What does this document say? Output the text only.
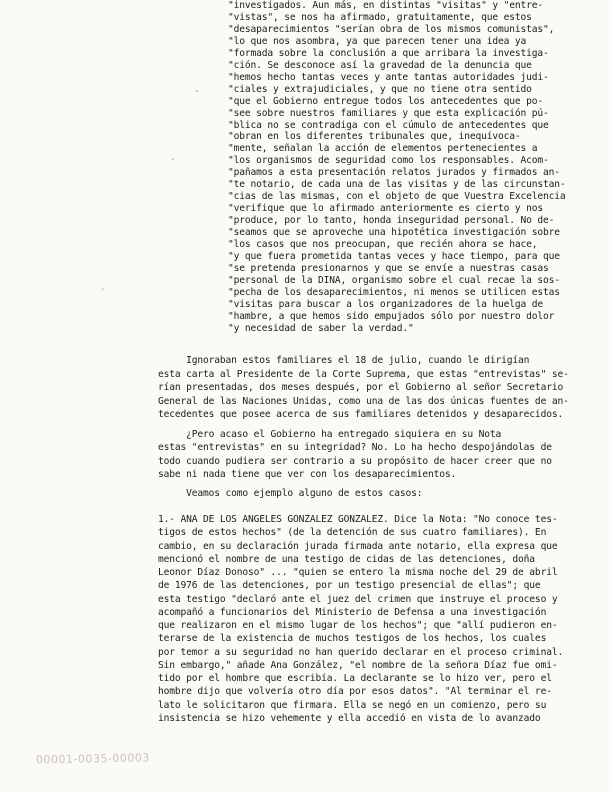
"investigados. Aun más, en distintas "visitas" y "entre-
"vistas", se nos ha afirmado, gratuitamente, que estos
"desaparecimientos "serían obra de los mismos comunistas",
"lo que nos asombra, ya que parecen tener una idea ya
"formada sobre la conclusión a que arribara la investiga-
"ción. Se desconoce así la gravedad de la denuncia que
"hemos hecho tantas veces y ante tantas autoridades judi-
"ciales y extrajudiciales, y que no tiene otra sentido
"que el Gobierno entregue todos los antecedentes que po-
"see sobre nuestros familiares y que esta explicación pú-
"blica no se contradiga con el cúmulo de antecedentes que
"obran en los diferentes tribunales que, inequívoca-
"mente, señalan la acción de elementos pertenecientes a
"los organismos de seguridad como los responsables. Acom-
"pañamos a esta presentación relatos jurados y firmados an-
"te notario, de cada una de las visitas y de las circunstan-
"cias de las mismas, con el objeto de que Vuestra Excelencia
"verifique que lo afirmado anteriormente es cierto y nos
"produce, por lo tanto, honda inseguridad personal. No de-
"seamos que se aproveche una hipotética investigación sobre
"los casos que nos preocupan, que recién ahora se hace,
"y que fuera prometida tantas veces y hace tiempo, para que
"se pretenda presionarnos y que se envíe a nuestras casas
"personal de la DINA, organismo sobre el cual recae la sos-
"pecha de los desaparecimientos, ni menos se utilicen estas
"visitas para buscar a los organizadores de la huelga de
"hambre, a que hemos sido empujados sólo por nuestro dolor
"y necesidad de saber la verdad."
Ignoraban estos familiares el 18 de julio, cuando le dirigían
esta carta al Presidente de la Corte Suprema, que estas "entrevistas" se-
rían presentadas, dos meses después, por el Gobierno al señor Secretario
General de las Naciones Unidas, como una de las dos únicas fuentes de an-
tecedentes que posee acerca de sus familiares detenidos y desaparecidos.
¿Pero acaso el Gobierno ha entregado siquiera en su Nota
estas "entrevistas" en su integridad? No. Lo ha hecho despojándolas de
todo cuando pudiera ser contrario a su propósito de hacer creer que no
sabe ni nada tiene que ver con los desaparecimientos.
Veamos como ejemplo alguno de estos casos:
1.- ANA DE LOS ANGELES GONZALEZ GONZALEZ. Dice la Nota: "No conoce tes-
tigos de estos hechos" (de la detención de sus cuatro familiares). En
cambio, en su declaración jurada firmada ante notario, ella expresa que
mencionó el nombre de una testigo de cidas de las detenciones, doña
Leonor Díaz Donoso" ... "quien se entero la misma noche del 29 de abril
de 1976 de las detenciones, por un testigo presencial de ellas"; que
esta testigo "declaró ante el juez del crimen que instruye el proceso y
acompañó a funcionarios del Ministerio de Defensa a una investigación
que realizaron en el mismo lugar de los hechos"; que "allí pudieron en-
terarse de la existencia de muchos testigos de los hechos, los cuales
por temor a su seguridad no han querido declarar en el proceso criminal.
Sin embargo," añade Ana González, "el nombre de la señora Díaz fue omi-
tido por el hombre que escribía. La declarante se lo hizo ver, pero el
hombre dijo que volvería otro día por esos datos". "Al terminar el re-
lato le solicitaron que firmara. Ella se negó en un comienzo, pero su
insistencia se hizo vehemente y ella accedió en vista de lo avanzado
-
-
.
00001-0035-00003
